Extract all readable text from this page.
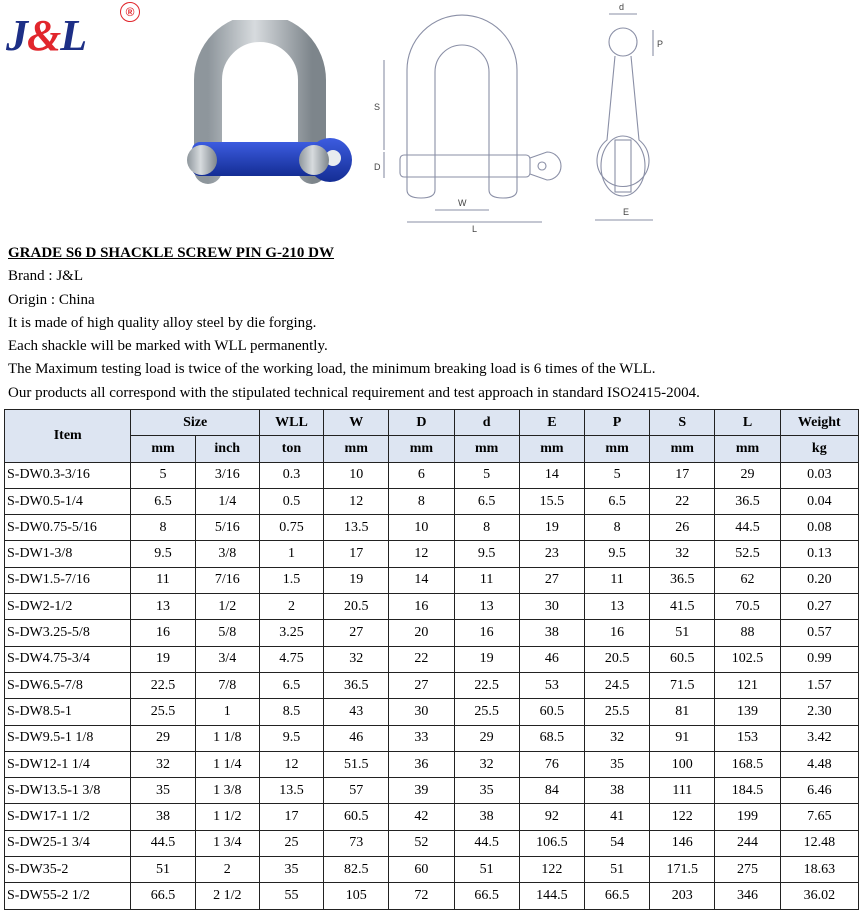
J&L	®
S
D
W
L
d
P
E
GRADE S6 D SHACKLE SCREW PIN G-210 DW
Brand : J&L
Origin : China
It is made of high quality alloy steel by die forging.
Each shackle will be marked with WLL permanently.
The Maximum testing load is twice of the working load, the minimum breaking load is 6 times of the WLL.
Our products all correspond with the stipulated technical requirement and test approach in standard ISO2415-2004.
Item	Size		WLL	W	D	d	E	P	S	L	Weight
	mm	inch	ton	mm	mm	mm	mm	mm	mm	mm	kg
S-DW0.3-3/16	5	3/16	0.3	10	6	5	14	5	17	29	0.03
S-DW0.5-1/4	6.5	1/4	0.5	12	8	6.5	15.5	6.5	22	36.5	0.04
S-DW0.75-5/16	8	5/16	0.75	13.5	10	8	19	8	26	44.5	0.08
S-DW1-3/8	9.5	3/8	1	17	12	9.5	23	9.5	32	52.5	0.13
S-DW1.5-7/16	11	7/16	1.5	19	14	11	27	11	36.5	62	0.20
S-DW2-1/2	13	1/2	2	20.5	16	13	30	13	41.5	70.5	0.27
S-DW3.25-5/8	16	5/8	3.25	27	20	16	38	16	51	88	0.57
S-DW4.75-3/4	19	3/4	4.75	32	22	19	46	20.5	60.5	102.5	0.99
S-DW6.5-7/8	22.5	7/8	6.5	36.5	27	22.5	53	24.5	71.5	121	1.57
S-DW8.5-1	25.5	1	8.5	43	30	25.5	60.5	25.5	81	139	2.30
S-DW9.5-1 1/8	29	1 1/8	9.5	46	33	29	68.5	32	91	153	3.42
S-DW12-1 1/4	32	1 1/4	12	51.5	36	32	76	35	100	168.5	4.48
S-DW13.5-1 3/8	35	1 3/8	13.5	57	39	35	84	38	111	184.5	6.46
S-DW17-1 1/2	38	1 1/2	17	60.5	42	38	92	41	122	199	7.65
S-DW25-1 3/4	44.5	1 3/4	25	73	52	44.5	106.5	54	146	244	12.48
S-DW35-2	51	2	35	82.5	60	51	122	51	171.5	275	18.63
S-DW55-2 1/2	66.5	2 1/2	55	105	72	66.5	144.5	66.5	203	346	36.02
